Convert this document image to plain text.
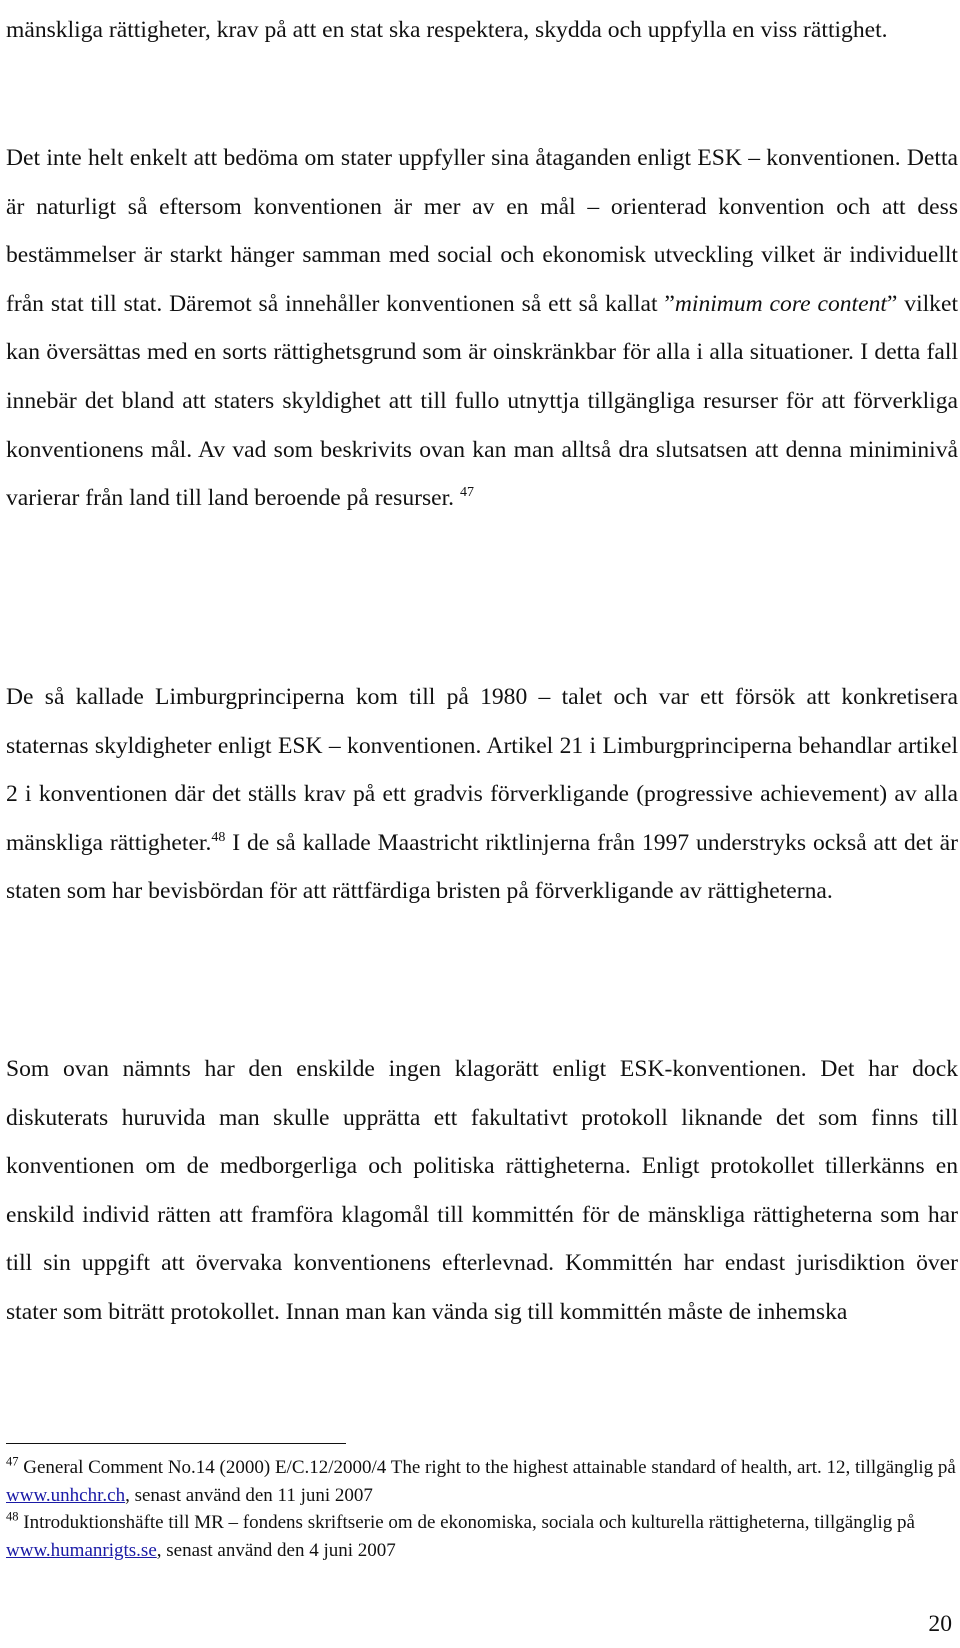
mänskliga rättigheter, krav på att en stat ska respektera, skydda och uppfylla en viss rättighet.

Det inte helt enkelt att bedöma om stater uppfyller sina åtaganden enligt ESK – konventionen. Detta är naturligt så eftersom konventionen är mer av en mål – orienterad konvention och att dess bestämmelser är starkt hänger samman med social och ekonomisk utveckling vilket är individuellt från stat till stat. Däremot så innehåller konventionen så ett så kallat ”minimum core content” vilket kan översättas med en sorts rättighetsgrund som är oinskränkbar för alla i alla situationer. I detta fall innebär det bland att staters skyldighet att till fullo utnyttja tillgängliga resurser för att förverkliga konventionens mål. Av vad som beskrivits ovan kan man alltså dra slutsatsen att denna miniminivå varierar från land till land beroende på resurser. $^{47}$

De så kallade Limburgprinciperna kom till på 1980 – talet och var ett försök att konkretisera staternas skyldigheter enligt ESK – konventionen. Artikel 21 i Limburgprinciperna behandlar artikel 2 i konventionen där det ställs krav på ett gradvis förverkligande (progressive achievement) av alla mänskliga rättigheter.$^{48}$ I de så kallade Maastricht riktlinjerna från 1997 understryks också att det är staten som har bevisbördan för att rättfärdiga bristen på förverkligande av rättigheterna.

Som ovan nämnts har den enskilde ingen klagorätt enligt ESK-konventionen. Det har dock diskuterats huruvida man skulle upprätta ett fakultativt protokoll liknande det som finns till konventionen om de medborgerliga och politiska rättigheterna. Enligt protokollet tillerkänns en enskild individ rätten att framföra klagomål till kommittén för de mänskliga rättigheterna som har till sin uppgift att övervaka konventionens efterlevnad. Kommittén har endast jurisdiktion över stater som biträtt protokollet. Innan man kan vända sig till kommittén måste de inhemska

$^{47}$ General Comment No.14 (2000) E/C.12/2000/4 The right to the highest attainable standard of health, art. 12, tillgänglig på www.unhchr.ch, senast använd den 11 juni 2007

$^{48}$ Introduktionshäfte till MR – fondens skriftserie om de ekonomiska, sociala och kulturella rättigheterna, tillgänglig på www.humanrigts.se, senast använd den 4 juni 2007

20
